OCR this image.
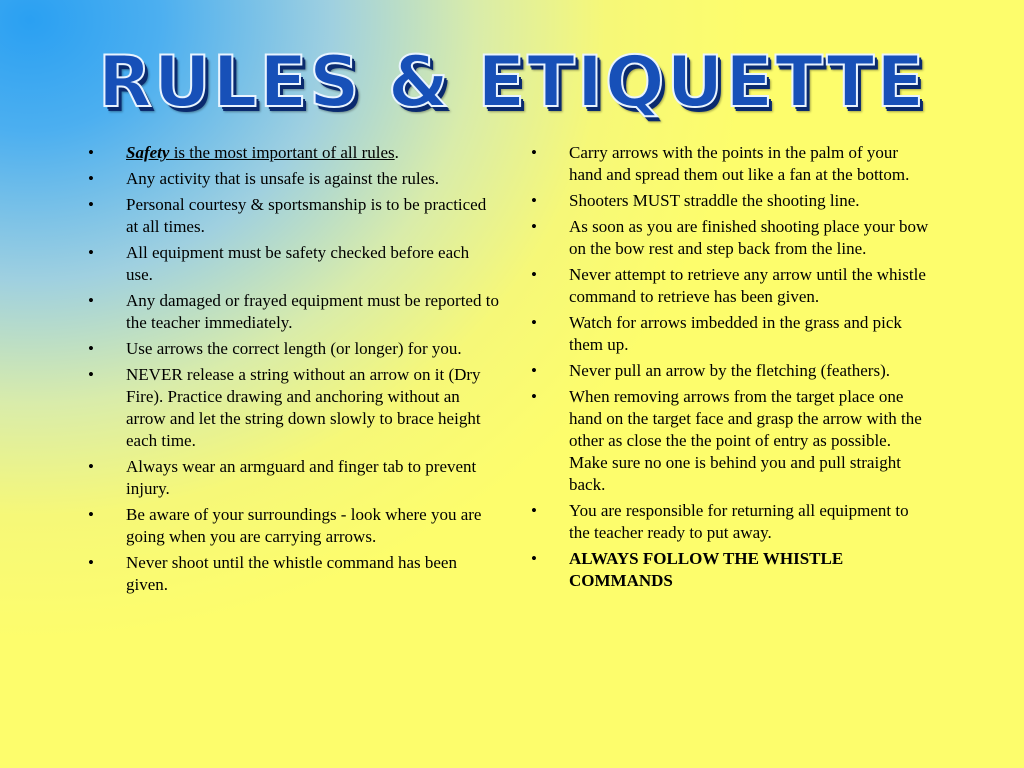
RULES & ETIQUETTE
•	Safety is the most important of all rules.
•	Any activity that is unsafe is against the rules.
•	Personal courtesy & sportsmanship is to be practiced at all times.
•	All equipment must be safety checked before each use.
•	Any damaged or frayed equipment must be reported to the teacher immediately.
•	Use arrows the correct length (or longer) for you.
•	NEVER release a string without an arrow on it (Dry Fire). Practice drawing and anchoring without an arrow and let the string down slowly to brace height each time.
•	Always wear an armguard and finger tab to prevent injury.
•	Be aware of your surroundings - look where you are going when you are carrying arrows.
•	Never shoot until the whistle command has been given.
•	Carry arrows with the points in the palm of your hand and spread them out like a fan at the bottom.
•	Shooters MUST straddle the shooting line.
•	As soon as you are finished shooting place your bow on the bow rest and step back from the line.
•	Never attempt to retrieve any arrow until the whistle command to retrieve has been given.
•	Watch for arrows imbedded in the grass and pick them up.
•	Never pull an arrow by the fletching (feathers).
•	When removing arrows from the target place one hand on the target face and grasp the arrow with the other as close the the point of entry as possible. Make sure no one is behind you and pull straight back.
•	You are responsible for returning all equipment to the teacher ready to put away.
•	ALWAYS FOLLOW THE WHISTLE COMMANDS
